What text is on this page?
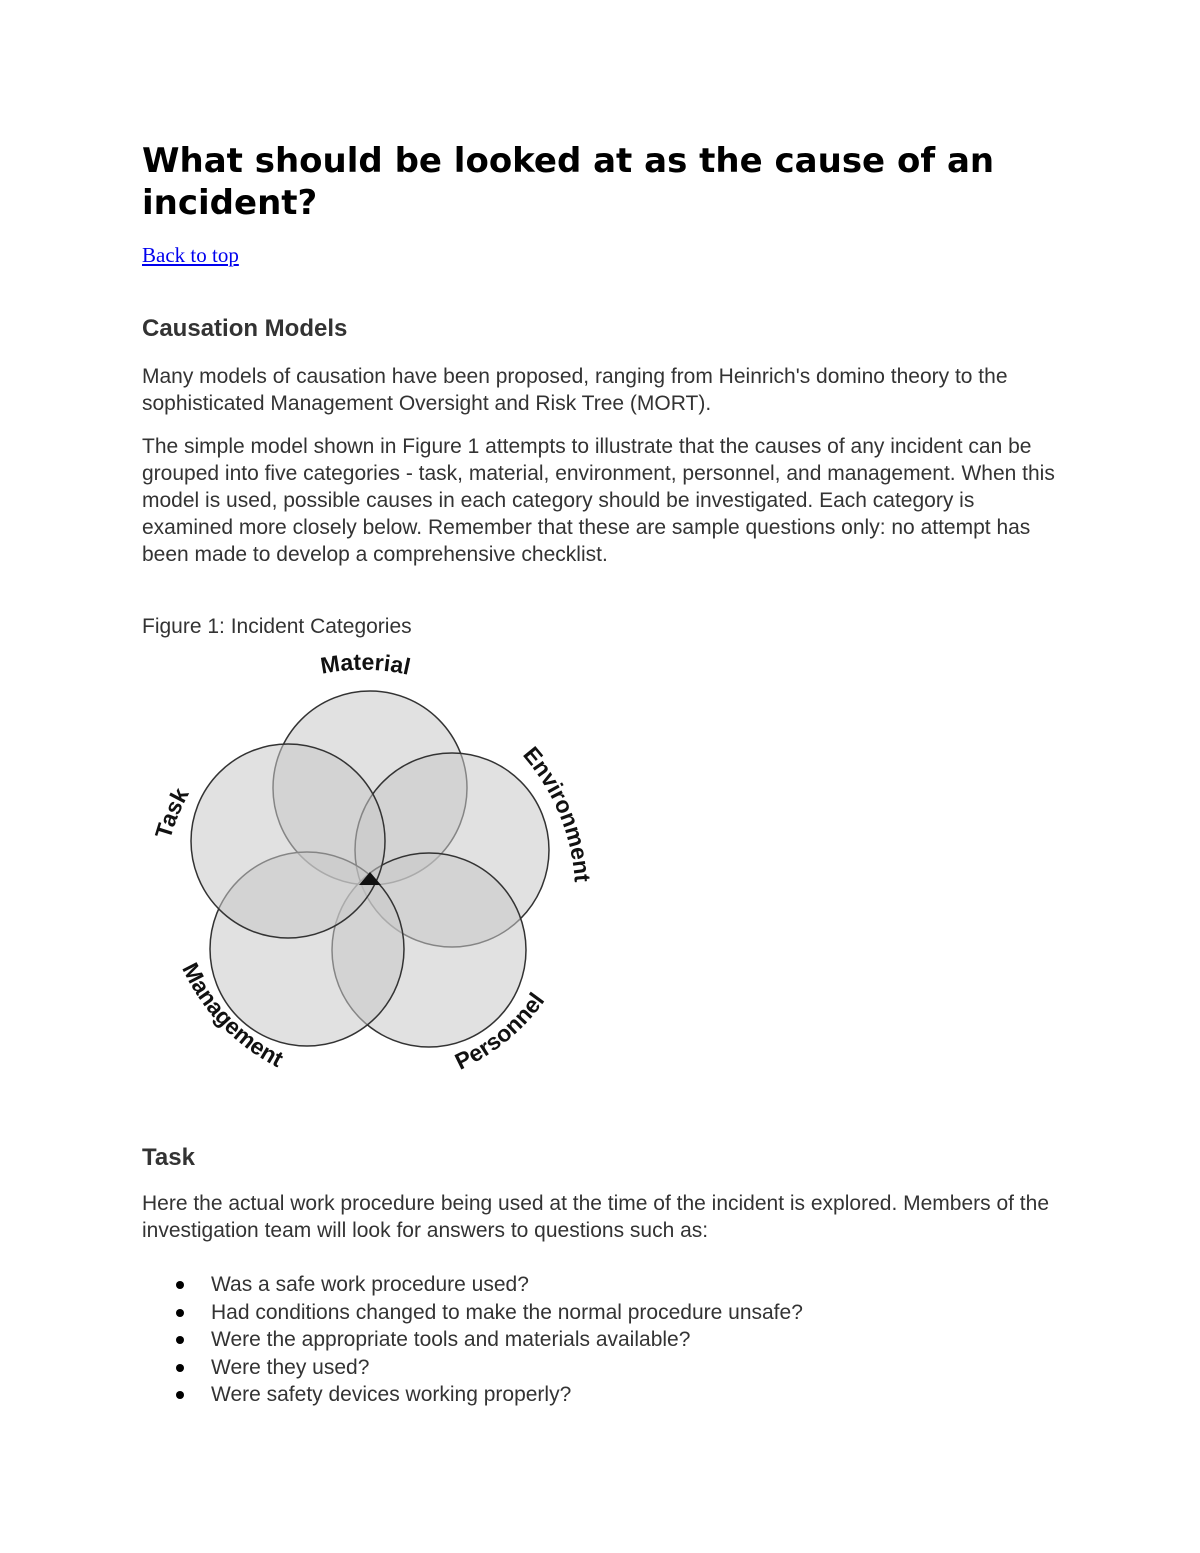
What should be looked at as the cause of an incident?
Back to top
Causation Models

Many models of causation have been proposed, ranging from Heinrich's domino theory to the sophisticated Management Oversight and Risk Tree (MORT).

The simple model shown in Figure 1 attempts to illustrate that the causes of any incident can be grouped into five categories - task, material, environment, personnel, and management. When this model is used, possible causes in each category should be investigated. Each category is examined more closely below. Remember that these are sample questions only: no attempt has been made to develop a comprehensive checklist.

Figure 1: Incident Categories

Task

Here the actual work procedure being used at the time of the incident is explored. Members of the investigation team will look for answers to questions such as:

Was a safe work procedure used?
Had conditions changed to make the normal procedure unsafe?
Were the appropriate tools and materials available?
Were they used?
Were safety devices working properly?
Material
Environment
Task
Personnel
Management
